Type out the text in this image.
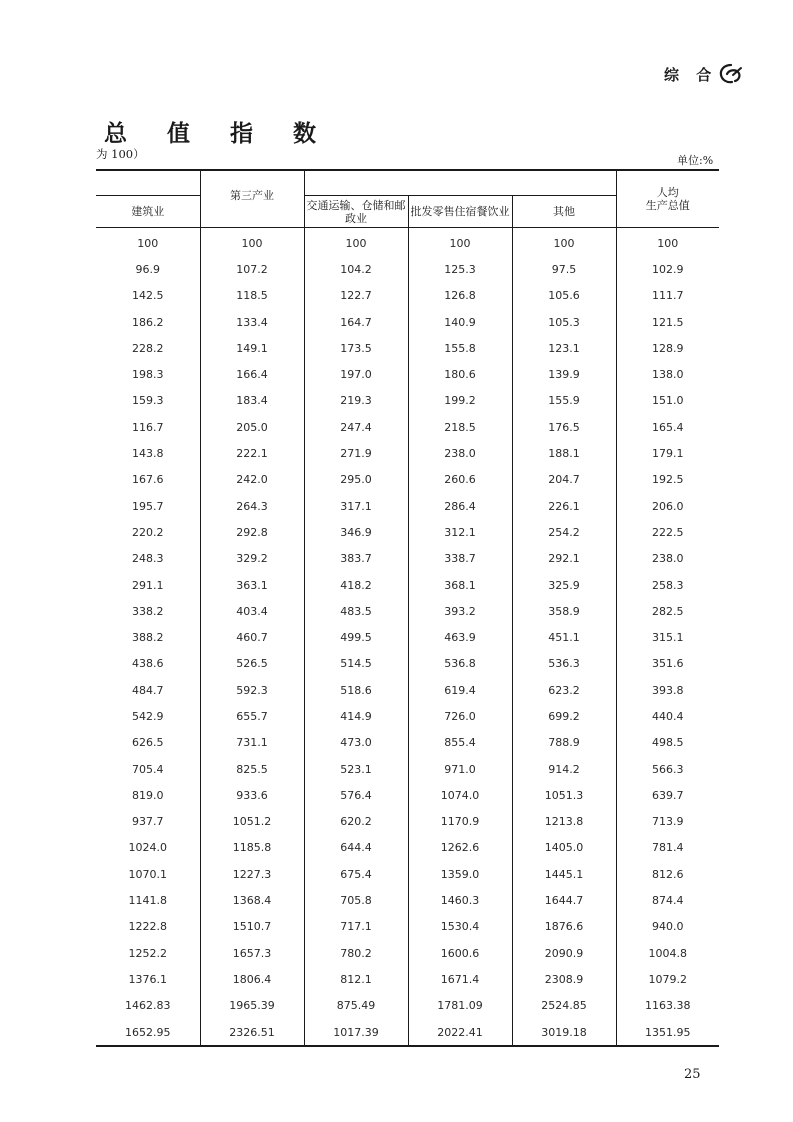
综 合
总 值 指 数
为 100）	单位:%
	第三产业				人均
生产总值
建筑业		交通运输、仓储和邮政业	批发零售住宿餐饮业	其他	
100	100	100	100	100	100
96.9	107.2	104.2	125.3	97.5	102.9
142.5	118.5	122.7	126.8	105.6	111.7
186.2	133.4	164.7	140.9	105.3	121.5
228.2	149.1	173.5	155.8	123.1	128.9
198.3	166.4	197.0	180.6	139.9	138.0
159.3	183.4	219.3	199.2	155.9	151.0
116.7	205.0	247.4	218.5	176.5	165.4
143.8	222.1	271.9	238.0	188.1	179.1
167.6	242.0	295.0	260.6	204.7	192.5
195.7	264.3	317.1	286.4	226.1	206.0
220.2	292.8	346.9	312.1	254.2	222.5
248.3	329.2	383.7	338.7	292.1	238.0
291.1	363.1	418.2	368.1	325.9	258.3
338.2	403.4	483.5	393.2	358.9	282.5
388.2	460.7	499.5	463.9	451.1	315.1
438.6	526.5	514.5	536.8	536.3	351.6
484.7	592.3	518.6	619.4	623.2	393.8
542.9	655.7	414.9	726.0	699.2	440.4
626.5	731.1	473.0	855.4	788.9	498.5
705.4	825.5	523.1	971.0	914.2	566.3
819.0	933.6	576.4	1074.0	1051.3	639.7
937.7	1051.2	620.2	1170.9	1213.8	713.9
1024.0	1185.8	644.4	1262.6	1405.0	781.4
1070.1	1227.3	675.4	1359.0	1445.1	812.6
1141.8	1368.4	705.8	1460.3	1644.7	874.4
1222.8	1510.7	717.1	1530.4	1876.6	940.0
1252.2	1657.3	780.2	1600.6	2090.9	1004.8
1376.1	1806.4	812.1	1671.4	2308.9	1079.2
1462.83	1965.39	875.49	1781.09	2524.85	1163.38
1652.95	2326.51	1017.39	2022.41	3019.18	1351.95
25
